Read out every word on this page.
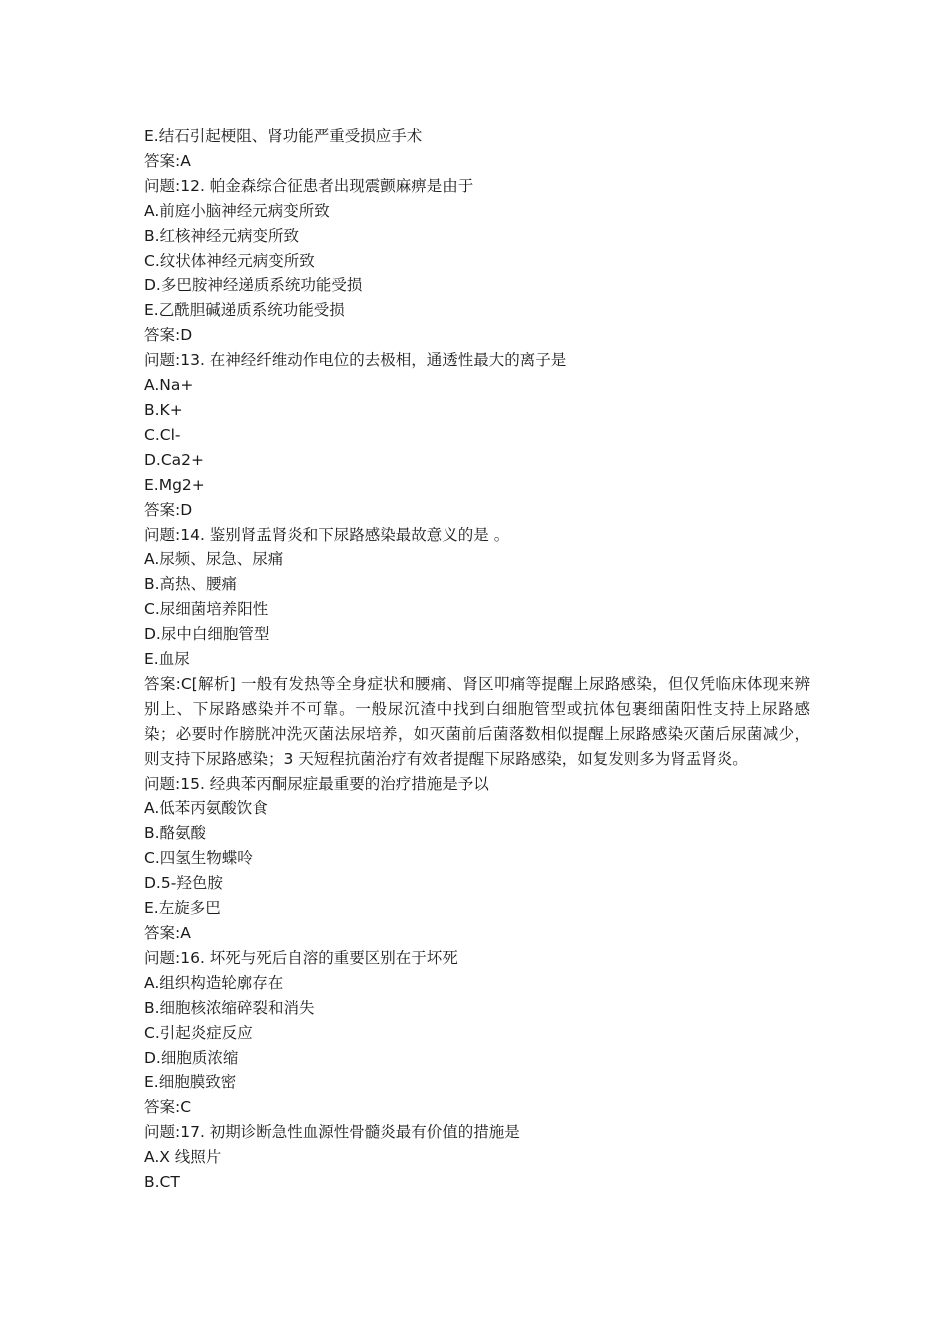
E.结石引起梗阻、肾功能严重受损应手术
答案:A
问题:12. 帕金森综合征患者出现震颤麻痹是由于
A.前庭小脑神经元病变所致
B.红核神经元病变所致
C.纹状体神经元病变所致
D.多巴胺神经递质系统功能受损
E.乙酰胆碱递质系统功能受损
答案:D
问题:13. 在神经纤维动作电位的去极相，通透性最大的离子是
A.Na+
B.K+
C.Cl-
D.Ca2+
E.Mg2+
答案:D
问题:14. 鉴别肾盂肾炎和下尿路感染最故意义的是 。
A.尿频、尿急、尿痛
B.高热、腰痛
C.尿细菌培养阳性
D.尿中白细胞管型
E.血尿
答案:C[解析] 一般有发热等全身症状和腰痛、肾区叩痛等提醒上尿路感染，但仅凭临床体现来辨别上、下尿路感染并不可靠。一般尿沉渣中找到白细胞管型或抗体包裹细菌阳性支持上尿路感染；必要时作膀胱冲洗灭菌法尿培养，如灭菌前后菌落数相似提醒上尿路感染灭菌后尿菌减少，则支持下尿路感染；3 天短程抗菌治疗有效者提醒下尿路感染，如复发则多为肾盂肾炎。
问题:15. 经典苯丙酮尿症最重要的治疗措施是予以
A.低苯丙氨酸饮食
B.酪氨酸
C.四氢生物蝶呤
D.5-羟色胺
E.左旋多巴
答案:A
问题:16. 坏死与死后自溶的重要区别在于坏死
A.组织构造轮廓存在
B.细胞核浓缩碎裂和消失
C.引起炎症反应
D.细胞质浓缩
E.细胞膜致密
答案:C
问题:17. 初期诊断急性血源性骨髓炎最有价值的措施是
A.X 线照片
B.CT
